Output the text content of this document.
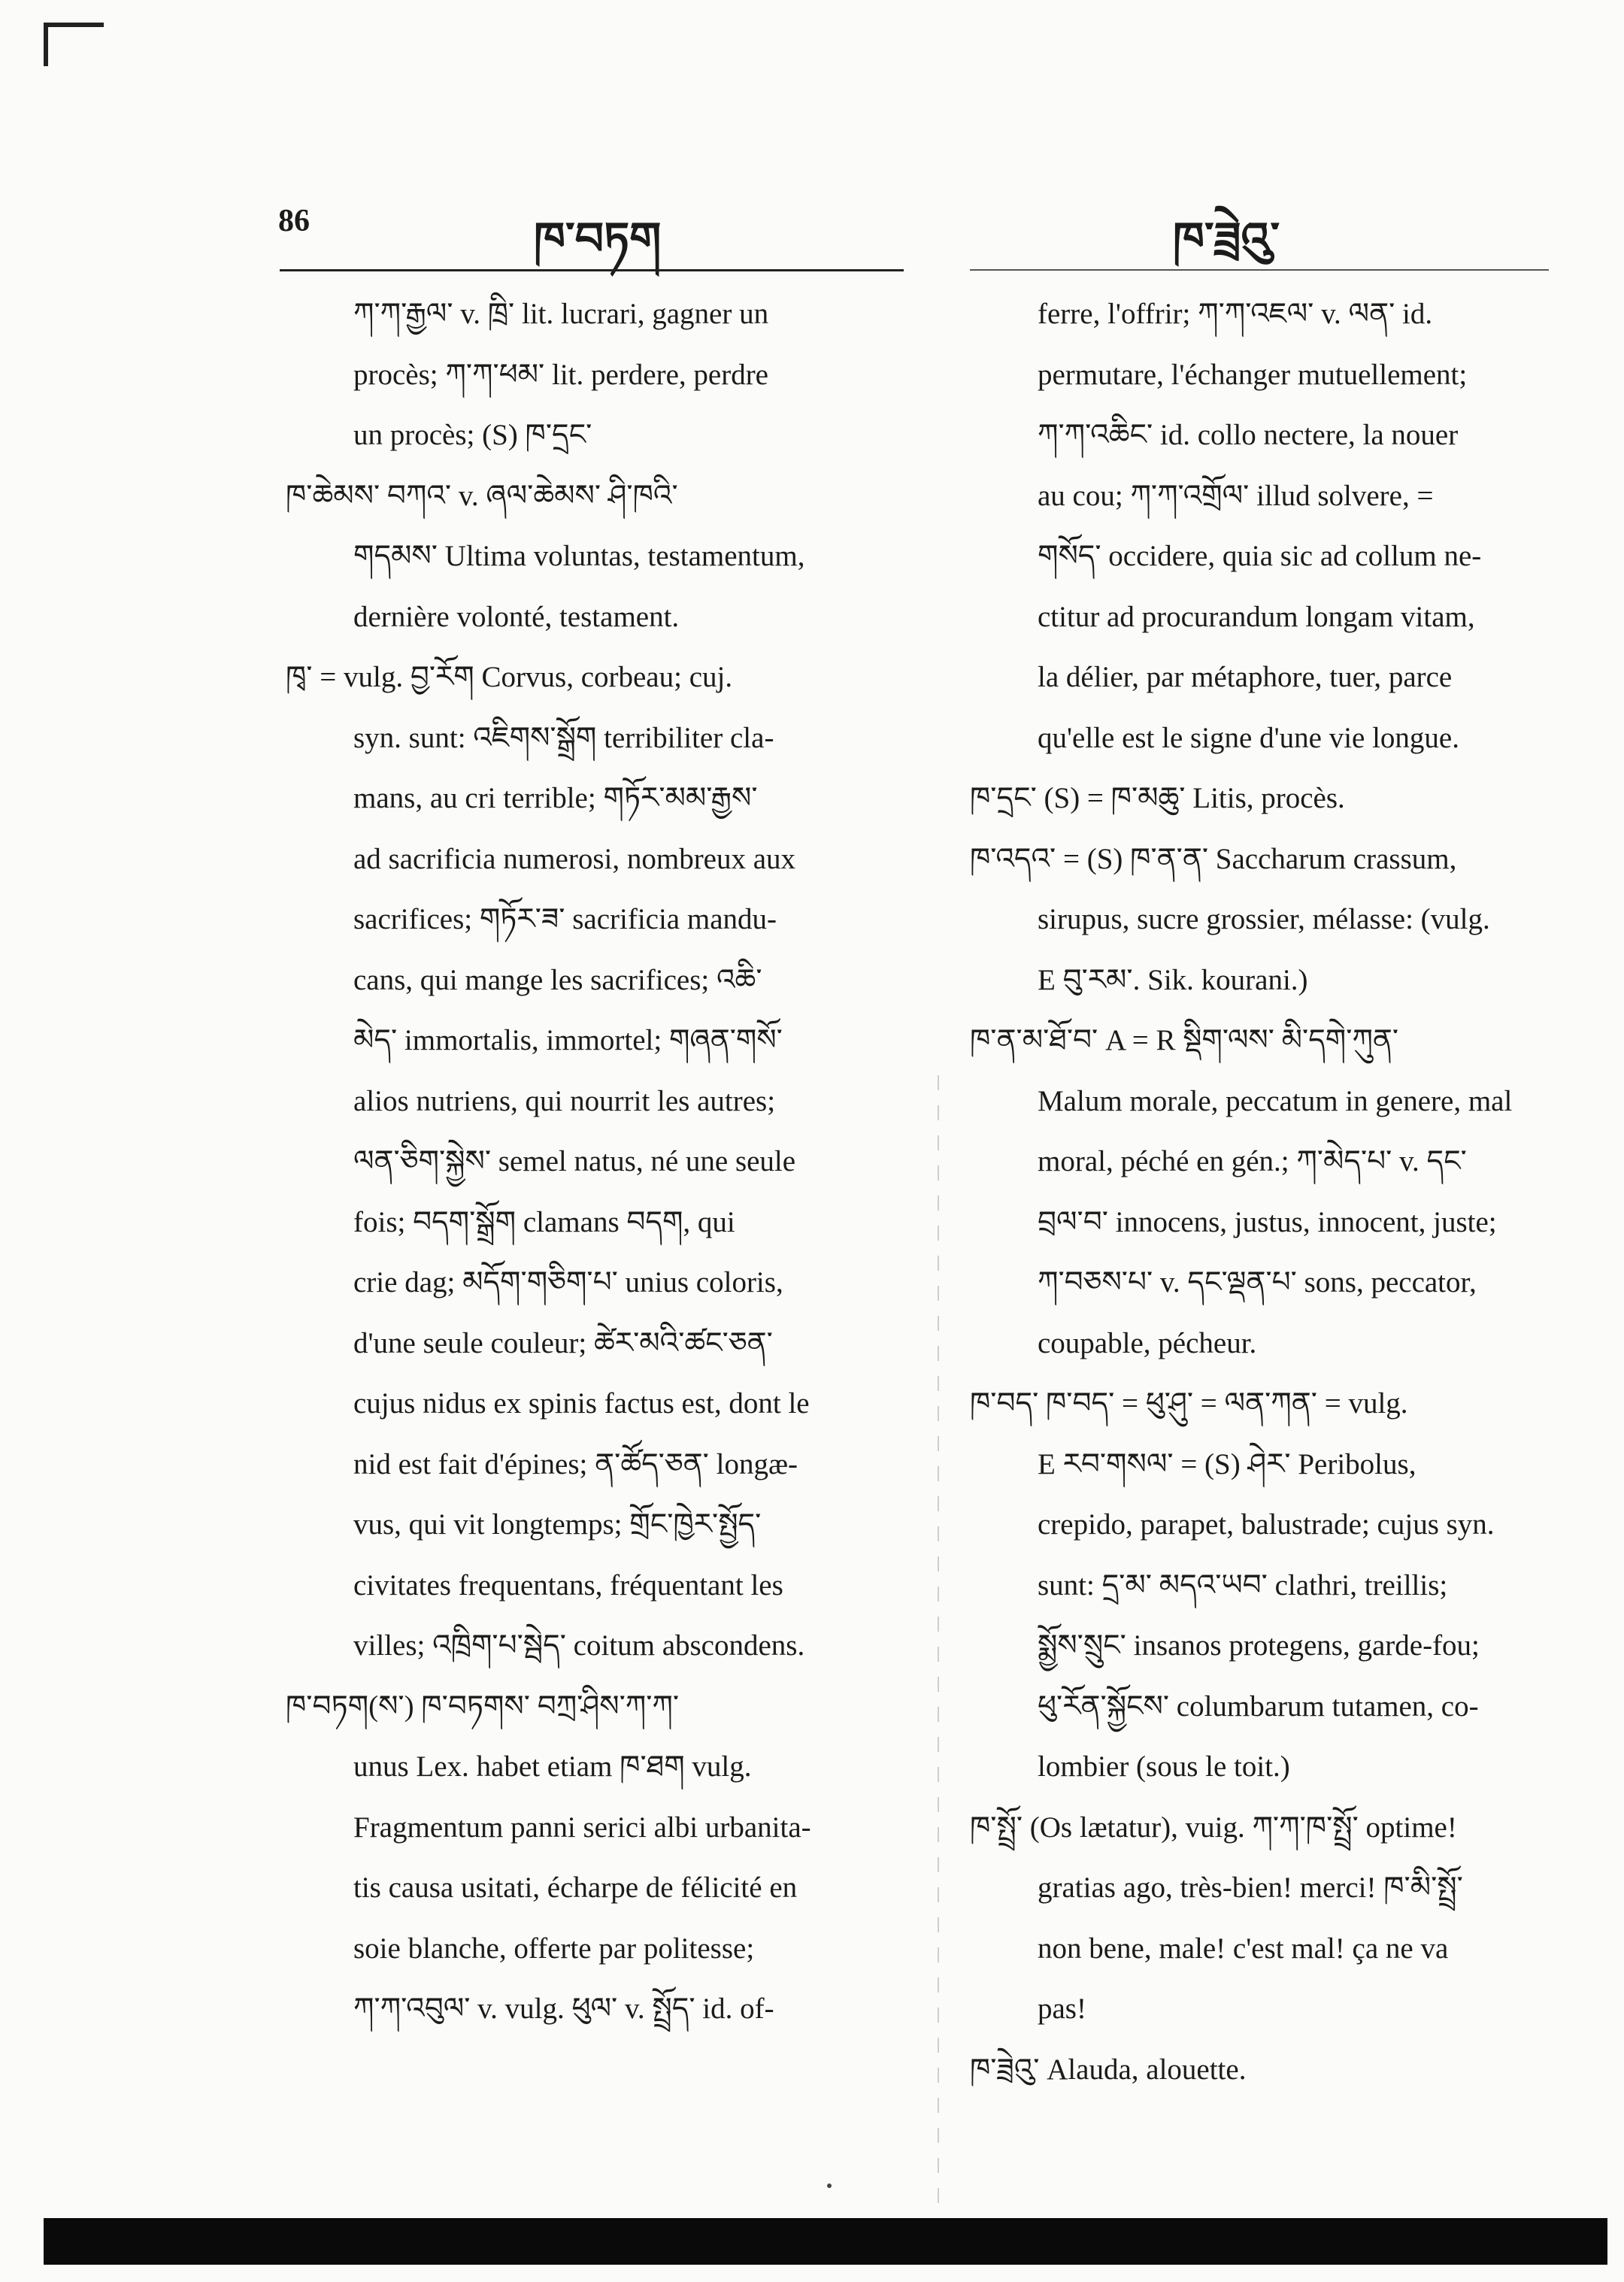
86	ཁ་བཏག	ཁ་ཟྲེའུ་
ཀ་ཀ་རྒྱལ་ v. ཁྲི་ lit. lucrari, gagner un
procès; ཀ་ཀ་ཕམ་ lit. perdere, perdre
un procès; (S) ཁ་དྲང་
ཁ་ཆེམས་ བཀའ་ v. ཞལ་ཆེམས་ ཤི་ཁའི་
གདམས་ Ultima voluntas, testamentum,
dernière volonté, testament.
ཁྭ་ = vulg. བྱ་རོག Corvus, corbeau; cuj.
syn. sunt: འཇིགས་སྒྲོག terribiliter cla-
mans, au cri terrible; གཏོར་མམ་རྒྱས་
ad sacrificia numerosi, nombreux aux
sacrifices; གཏོར་ཟ་ sacrificia mandu-
cans, qui mange les sacrifices; འཆི་
མེད་ immortalis, immortel; གཞན་གསོ་
alios nutriens, qui nourrit les autres;
ལན་ཅིག་སྐྱེས་ semel natus, né une seule
fois; བདག་སྒྲོག clamans བདག, qui
crie dag; མདོག་གཅིག་པ་ unius coloris,
d'une seule couleur; ཚེར་མའི་ཚང་ཅན་
cujus nidus ex spinis factus est, dont le
nid est fait d'épines; ན་ཚོད་ཅན་ longæ-
vus, qui vit longtemps; གྲོང་ཁྱེར་སྤྱོད་
civitates frequentans, fréquentant les
villes; འཁྲིག་པ་སྦེད་ coitum abscondens.
ཁ་བཏག(ས་) ཁ་བཏགས་ བཀྲ་ཤིས་ཀ་ཀ་
unus Lex. habet etiam ཁ་ཐག vulg.
Fragmentum panni serici albi urbanita-
tis causa usitati, écharpe de félicité en
soie blanche, offerte par politesse;
ཀ་ཀ་འབུལ་ v. vulg. ཕུལ་ v. སྤྲོད་ id. of-
ferre, l'offrir; ཀ་ཀ་འཇལ་ v. ལན་ id.
permutare, l'échanger mutuellement;
ཀ་ཀ་འཆིང་ id. collo nectere, la nouer
au cou; ཀ་ཀ་འགྲོལ་ illud solvere, =
གསོད་ occidere, quia sic ad collum ne-
ctitur ad procurandum longam vitam,
la délier, par métaphore, tuer, parce
qu'elle est le signe d'une vie longue.
ཁ་དྲང་ (S) = ཁ་མཆུ་ Litis, procès.
ཁ་འདའ་ = (S) ཁ་ན་ན་ Saccharum crassum,
sirupus, sucre grossier, mélasse: (vulg.
E བུ་རམ་. Sik. kourani.)
ཁ་ན་མ་ཐོ་བ་ A = R སྡིག་ལས་ མི་དགེ་ཀུན་
Malum morale, peccatum in genere, mal
moral, péché en gén.; ཀ་མེད་པ་ v. དང་
བྲལ་བ་ innocens, justus, innocent, juste;
ཀ་བཅས་པ་ v. དང་ལྡན་པ་ sons, peccator,
coupable, pécheur.
ཁ་བད་ ཁ་བད་ = ཕུ་ཤུ་ = ལན་ཀན་ = vulg.
E རབ་གསལ་ = (S) ཤེར་ Peribolus,
crepido, parapet, balustrade; cujus syn.
sunt: དྲ་མ་ མདའ་ཡབ་ clathri, treillis;
སྨྱོས་སྲུང་ insanos protegens, garde-fou;
ཕུ་རོན་སྐྱོངས་ columbarum tutamen, co-
lombier (sous le toit.)
ཁ་སྤྲོ་ (Os lætatur), vuig. ཀ་ཀ་ཁ་སྤྲོ་ optime!
gratias ago, très-bien! merci! ཁ་མི་སྤྲོ་
non bene, male! c'est mal! ça ne va
pas!
ཁ་ཟྲེའུ་ Alauda, alouette.
